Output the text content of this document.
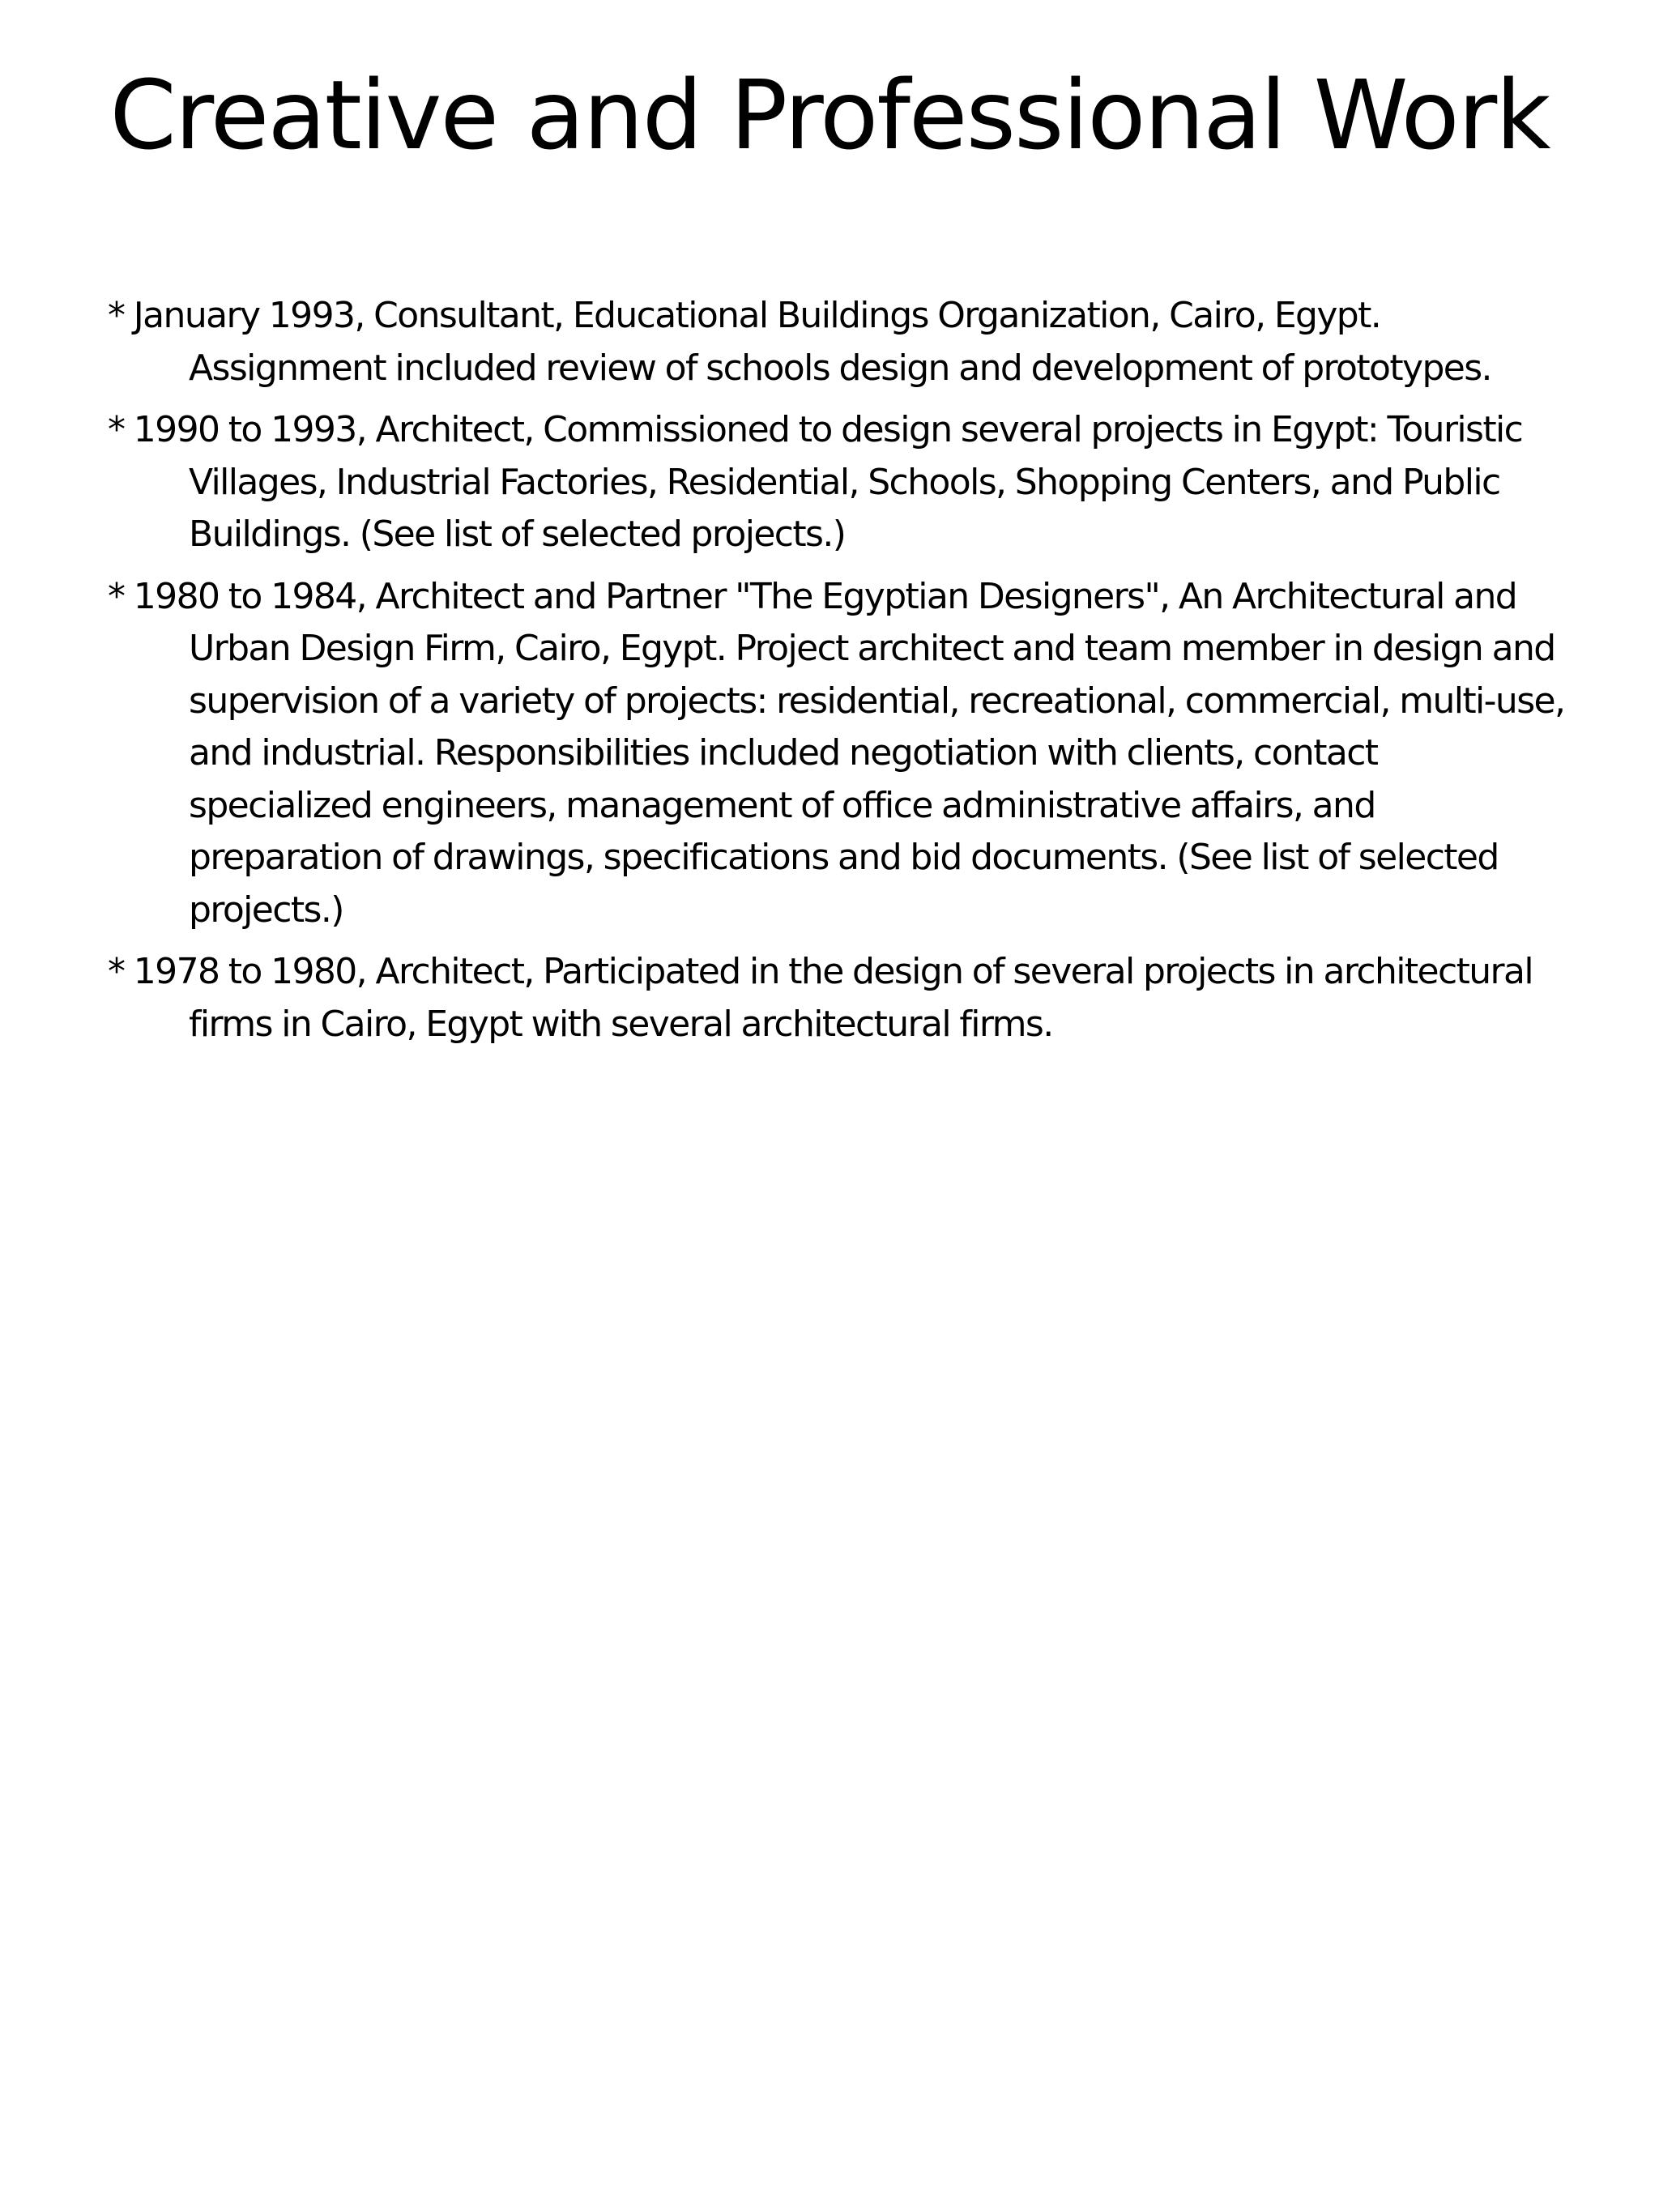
Creative and Professional Work
* January 1993, Consultant, Educational Buildings Organization, Cairo, Egypt. Assignment included review of schools design and development of prototypes.
* 1990 to 1993, Architect, Commissioned to design several projects in Egypt: Touristic Villages, Industrial Factories, Residential, Schools, Shopping Centers, and Public Buildings. (See list of selected projects.)
* 1980 to 1984, Architect and Partner "The Egyptian Designers", An Architectural and Urban Design Firm, Cairo, Egypt. Project architect and team member in design and supervision of a variety of projects: residential, recreational, commercial, multi-use, and industrial. Responsibilities included negotiation with clients, contact specialized engineers, management of office administrative affairs, and preparation of drawings, specifications and bid documents. (See list of selected projects.)
* 1978 to 1980, Architect, Participated in the design of several projects in architectural firms in Cairo, Egypt with several architectural firms.
